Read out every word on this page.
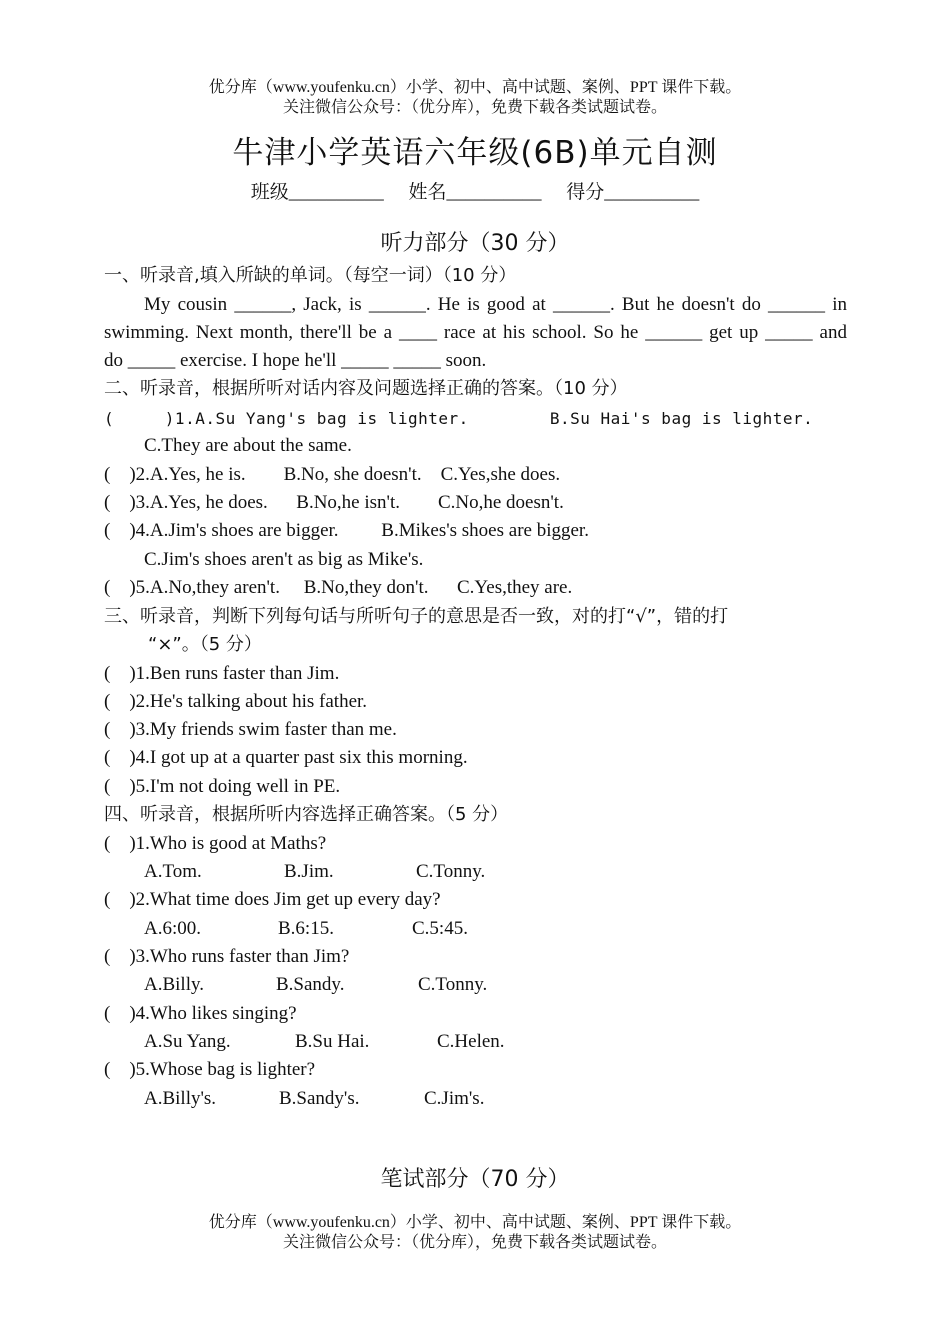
优分库（www.youfenku.cn）小学、初中、高中试题、案例、PPT 课件下载。
关注微信公众号：（优分库），免费下载各类试题试卷。
牛津小学英语六年级(6B)单元自测
班级__________ 姓名__________ 得分__________
听力部分（30 分）
一、听录音,填入所缺的单词。（每空一词）（10 分）
My cousin ______, Jack, is ______. He is good at ______. But he doesn't do ______ in
swimming. Next month, there'll be a ____ race at his school. So he ______ get up _____ and
do _____ exercise. I hope he'll _____ _____ soon.
二、听录音，根据所听对话内容及问题选择正确的答案。（10 分）
(     )1.A.Su Yang's bag is lighter.        B.Su Hai's bag is lighter.
C.They are about the same.
(    )2.A.Yes, he is.        B.No, she doesn't.    C.Yes,she does.
(    )3.A.Yes, he does.      B.No,he isn't.        C.No,he doesn't.
(    )4.A.Jim's shoes are bigger.         B.Mikes's shoes are bigger.
C.Jim's shoes aren't as big as Mike's.
(    )5.A.No,they aren't.     B.No,they don't.      C.Yes,they are.
三、听录音，判断下列每句话与所听句子的意思是否一致，对的打“√”，错的打
“×”。（5 分）
(    )1.Ben runs faster than Jim.
(    )2.He's talking about his father.
(    )3.My friends swim faster than me.
(    )4.I got up at a quarter past six this morning.
(    )5.I'm not doing well in PE.
四、听录音，根据所听内容选择正确答案。（5 分）
(    )1.Who is good at Maths?
A.Tom.	B.Jim.	C.Tonny.
(    )2.What time does Jim get up every day?
A.6:00.	B.6:15.	C.5:45.
(    )3.Who runs faster than Jim?
A.Billy.	B.Sandy.	C.Tonny.
(    )4.Who likes singing?
A.Su Yang.	B.Su Hai.	C.Helen.
(    )5.Whose bag is lighter?
A.Billy's.	B.Sandy's.	C.Jim's.
笔试部分（70 分）
优分库（www.youfenku.cn）小学、初中、高中试题、案例、PPT 课件下载。
关注微信公众号：（优分库），免费下载各类试题试卷。
